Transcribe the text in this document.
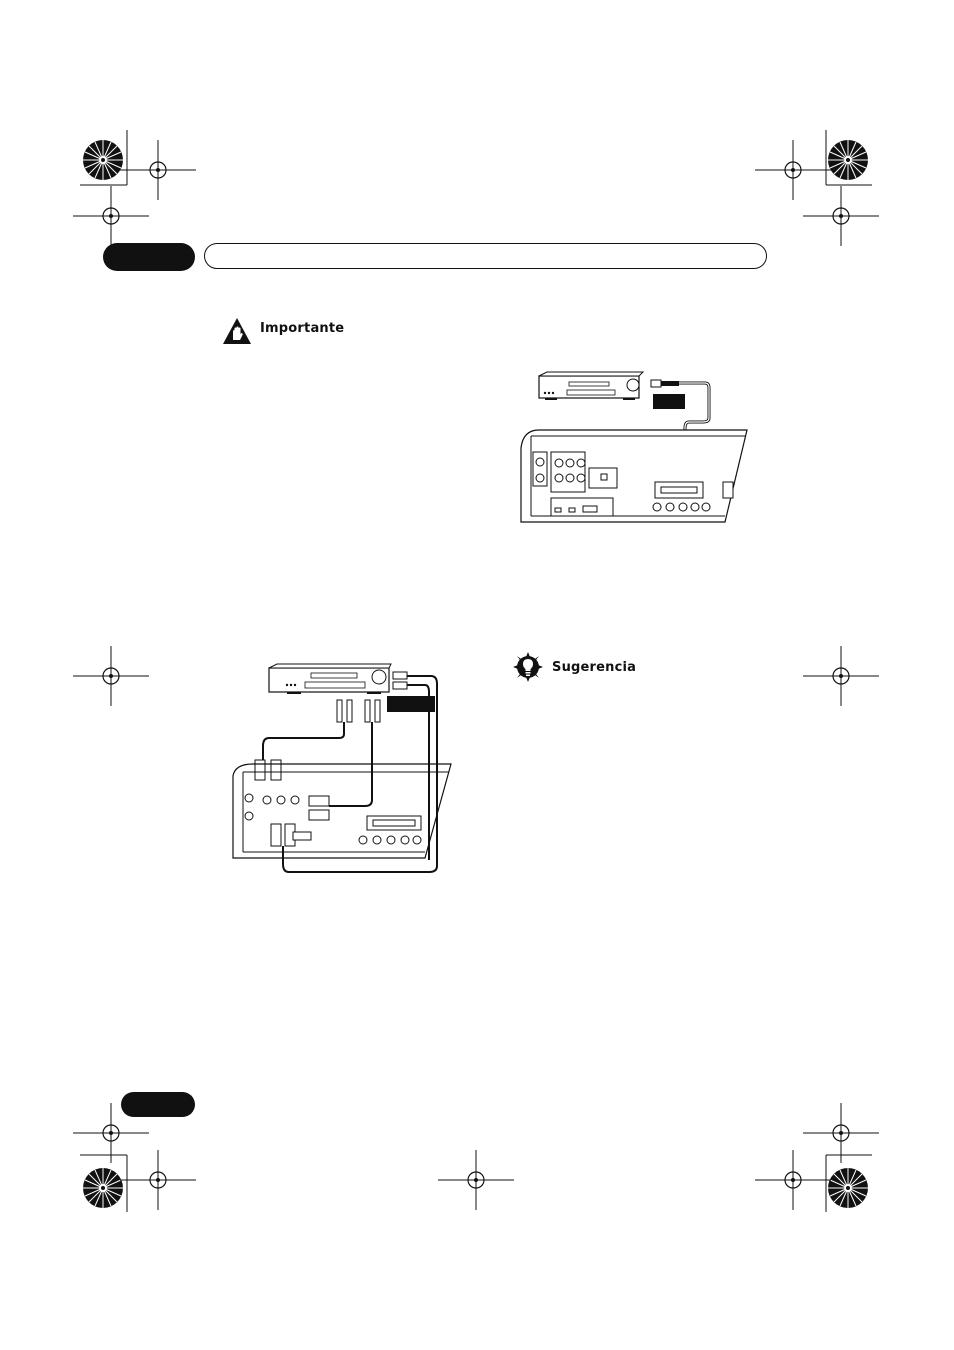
Importante
Sugerencia
